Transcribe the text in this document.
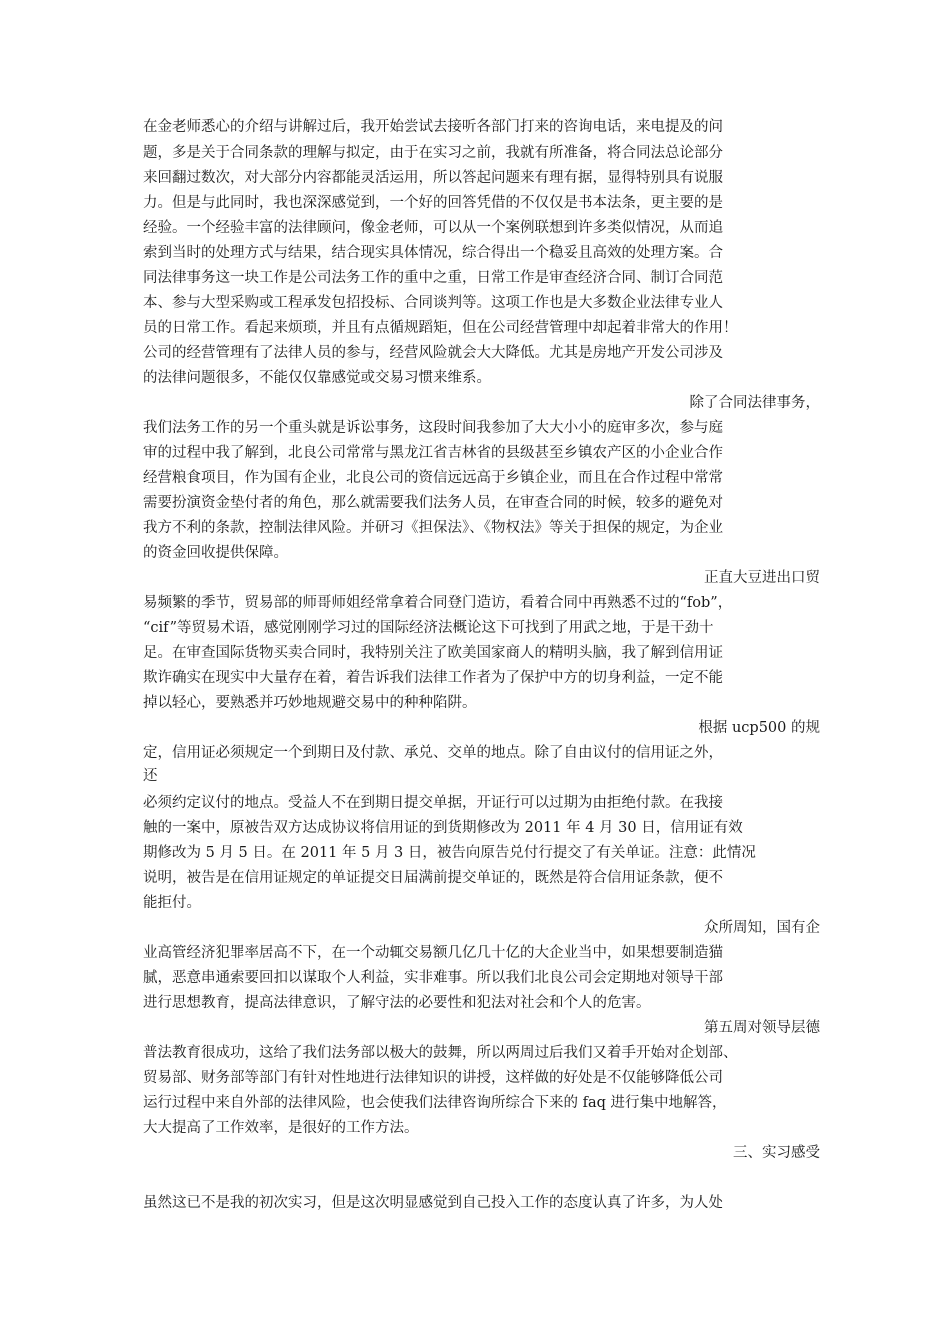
在金老师悉心的介绍与讲解过后，我开始尝试去接听各部门打来的咨询电话，来电提及的问
题，多是关于合同条款的理解与拟定，由于在实习之前，我就有所准备，将合同法总论部分
来回翻过数次，对大部分内容都能灵活运用，所以答起问题来有理有据，显得特别具有说服
力。但是与此同时，我也深深感觉到，一个好的回答凭借的不仅仅是书本法条，更主要的是
经验。一个经验丰富的法律顾问，像金老师，可以从一个案例联想到许多类似情况，从而追
索到当时的处理方式与结果，结合现实具体情况，综合得出一个稳妥且高效的处理方案。合
同法律事务这一块工作是公司法务工作的重中之重，日常工作是审查经济合同、制订合同范
本、参与大型采购或工程承发包招投标、合同谈判等。这项工作也是大多数企业法律专业人
员的日常工作。看起来烦琐，并且有点循规蹈矩，但在公司经营管理中却起着非常大的作用！
公司的经营管理有了法律人员的参与，经营风险就会大大降低。尤其是房地产开发公司涉及
的法律问题很多，不能仅仅靠感觉或交易习惯来维系。
除了合同法律事务，
我们法务工作的另一个重头就是诉讼事务，这段时间我参加了大大小小的庭审多次，参与庭
审的过程中我了解到，北良公司常常与黑龙江省吉林省的县级甚至乡镇农产区的小企业合作
经营粮食项目，作为国有企业，北良公司的资信远远高于乡镇企业，而且在合作过程中常常
需要扮演资金垫付者的角色，那么就需要我们法务人员，在审查合同的时候，较多的避免对
我方不利的条款，控制法律风险。并研习《担保法》、《物权法》等关于担保的规定，为企业
的资金回收提供保障。
正直大豆进出口贸
易频繁的季节，贸易部的师哥师姐经常拿着合同登门造访，看着合同中再熟悉不过的“fob”，
“cif”等贸易术语，感觉刚刚学习过的国际经济法概论这下可找到了用武之地，于是干劲十
足。在审查国际货物买卖合同时，我特别关注了欧美国家商人的精明头脑，我了解到信用证
欺诈确实在现实中大量存在着，着告诉我们法律工作者为了保护中方的切身利益，一定不能
掉以轻心，要熟悉并巧妙地规避交易中的种种陷阱。
根据 ucp500 的规
定，信用证必须规定一个到期日及付款、承兑、交单的地点。除了自由议付的信用证之外，
还
必须约定议付的地点。受益人不在到期日提交单据，开证行可以过期为由拒绝付款。在我接
触的一案中，原被告双方达成协议将信用证的到货期修改为 2011 年 4 月 30 日，信用证有效
期修改为 5 月 5 日。在 2011 年 5 月 3 日，被告向原告兑付行提交了有关单证。注意：此情况
说明，被告是在信用证规定的单证提交日届满前提交单证的，既然是符合信用证条款，便不
能拒付。
众所周知，国有企
业高管经济犯罪率居高不下，在一个动辄交易额几亿几十亿的大企业当中，如果想要制造猫
腻，恶意串通索要回扣以谋取个人利益，实非难事。所以我们北良公司会定期地对领导干部
进行思想教育，提高法律意识，了解守法的必要性和犯法对社会和个人的危害。
第五周对领导层德
普法教育很成功，这给了我们法务部以极大的鼓舞，所以两周过后我们又着手开始对企划部、
贸易部、财务部等部门有针对性地进行法律知识的讲授，这样做的好处是不仅能够降低公司
运行过程中来自外部的法律风险，也会使我们法律咨询所综合下来的 faq 进行集中地解答，
大大提高了工作效率，是很好的工作方法。
三、实习感受
虽然这已不是我的初次实习，但是这次明显感觉到自己投入工作的态度认真了许多，为人处
